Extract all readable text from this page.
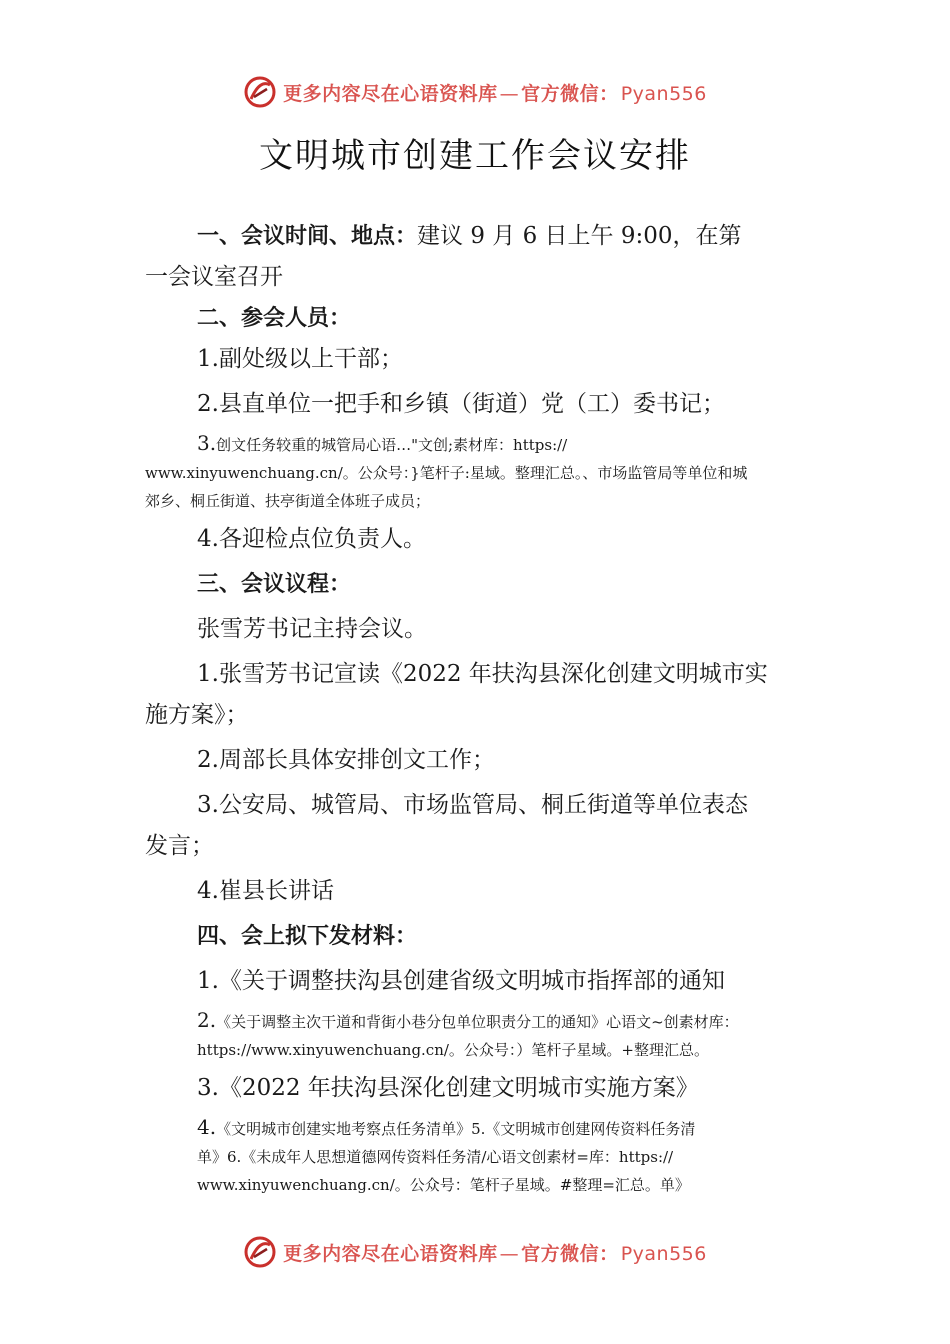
更多内容尽在心语资料库 — 官方微信： Pyan556
文明城市创建工作会议安排

一、会议时间、地点：建议 9 月 6 日上午 9:00，在第

一会议室召开

二、参会人员：

1.副处级以上干部；

2.县直单位一把手和乡镇（街道）党（工）委书记；

3.创文任务较重的城管局心语…"文创;素材库：https://

www.xinyuwenchuang.cn/。公众号：}笔杆子:星域。整理汇总。、市场监管局等单位和城

郊乡、桐丘街道、扶亭街道全体班子成员；

4.各迎检点位负责人。

三、会议议程：

张雪芳书记主持会议。

1.张雪芳书记宣读《2022 年扶沟县深化创建文明城市实

施方案》；

2.周部长具体安排创文工作；

3.公安局、城管局、市场监管局、桐丘街道等单位表态

发言；

4.崔县长讲话

四、会上拟下发材料：

1.《关于调整扶沟县创建省级文明城市指挥部的通知

2.《关于调整主次干道和背街小巷分包单位职责分工的通知》心语文~创素材库：

https://www.xinyuwenchuang.cn/。公众号：）笔杆子星域。+整理汇总。

3.《2022 年扶沟县深化创建文明城市实施方案》

4.《文明城市创建实地考察点任务清单》5.《文明城市创建网传资料任务清

单》6.《未成年人思想道德网传资料任务清/心语文创素材=库：https://

www.xinyuwenchuang.cn/。公众号：笔杆子星域。#整理=汇总。单》

更多内容尽在心语资料库 — 官方微信： Pyan556
